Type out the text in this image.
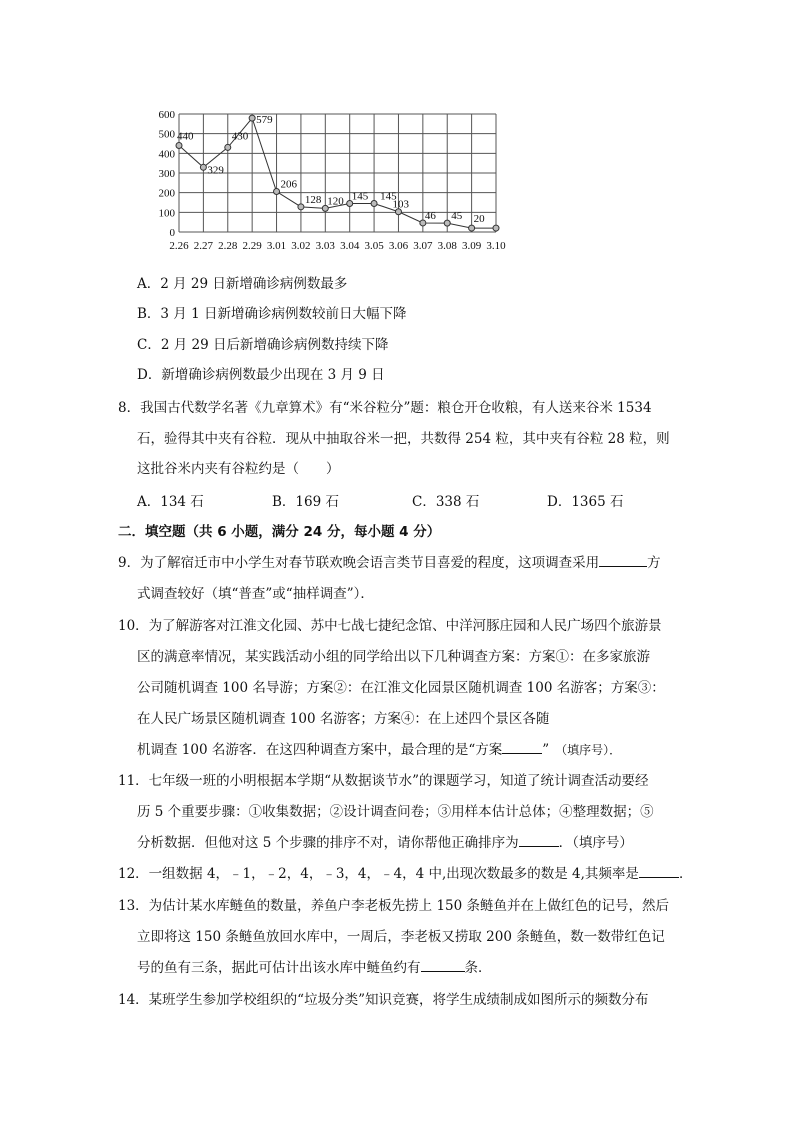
0
100
200
300
400
500
600
2.26 2.27 2.28 2.29 3.01 3.02 3.03 3.04 3.05 3.06 3.07 3.08 3.09 3.10
440
329
430
579
206
128 120 145 145
103
46 45 20
A．2 月 29 日新增确诊病例数最多
B．3 月 1 日新增确诊病例数较前日大幅下降
C．2 月 29 日后新增确诊病例数持续下降
D．新增确诊病例数最少出现在 3 月 9 日
8．我国古代数学名著《九章算术》有“米谷粒分”题：粮仓开仓收粮，有人送来谷米 1534
石，验得其中夹有谷粒．现从中抽取谷米一把，共数得 254 粒，其中夹有谷粒 28 粒，则
这批谷米内夹有谷粒约是（　　）
A．134 石	B．169 石	C．338 石	D．1365 石
二．填空题（共 6 小题，满分 24 分，每小题 4 分）
9．为了解宿迁市中小学生对春节联欢晚会语言类节目喜爱的程度，这项调查采用	方
式调查较好（填“普查”或“抽样调查”）．
10．为了解游客对江淮文化园、苏中七战七捷纪念馆、中洋河豚庄园和人民广场四个旅游景
区的满意率情况，某实践活动小组的同学给出以下几种调查方案：方案①：在多家旅游
公司随机调查 100 名导游；方案②：在江淮文化园景区随机调查 100 名游客；方案③：
在人民广场景区随机调查 100 名游客；方案④：在上述四个景区各随
机调查 100 名游客．在这四种调查方案中，最合理的是“方案	” （填序号）．
11．七年级一班的小明根据本学期“从数据谈节水”的课题学习，知道了统计调查活动要经
历 5 个重要步骤：①收集数据；②设计调查问卷；③用样本估计总体；④整理数据；⑤
分析数据．但他对这 5 个步骤的排序不对，请你帮他正确排序为	．（填序号）
12．一组数据 4，﹣1，﹣2，4，﹣3，4，﹣4，4 中,出现次数最多的数是 4,其频率是	．
13．为估计某水库鲢鱼的数量，养鱼户李老板先捞上 150 条鲢鱼并在上做红色的记号，然后
立即将这 150 条鲢鱼放回水库中，一周后，李老板又捞取 200 条鲢鱼，数一数带红色记
号的鱼有三条，据此可估计出该水库中鲢鱼约有	条．
14．某班学生参加学校组织的“垃圾分类”知识竞赛，将学生成绩制成如图所示的频数分布
